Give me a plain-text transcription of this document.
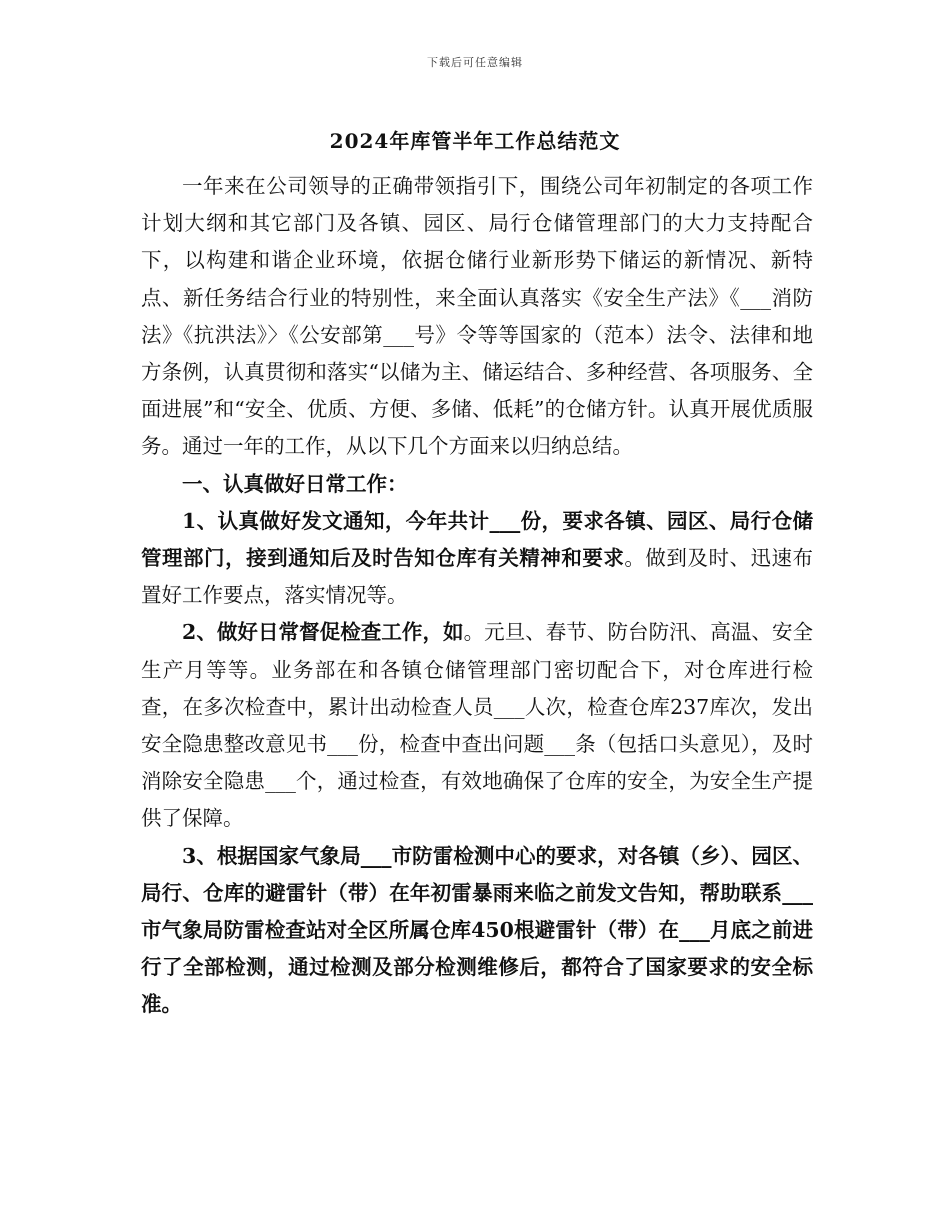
下载后可任意编辑
2024年库管半年工作总结范文

一年来在公司领导的正确带领指引下，围绕公司年初制定的各项工作计划大纲和其它部门及各镇、园区、局行仓储管理部门的大力支持配合下，以构建和谐企业环境，依据仓储行业新形势下储运的新情况、新特点、新任务结合行业的特别性，来全面认真落实《安全生产法》《___消防法》《抗洪法》〉《公安部第___号》令等等国家的（范本）法令、法律和地方条例，认真贯彻和落实“以储为主、储运结合、多种经营、各项服务、全面进展”和“安全、优质、方便、多储、低耗”的仓储方针。认真开展优质服务。通过一年的工作，从以下几个方面来以归纳总结。

一、认真做好日常工作：

1、认真做好发文通知，今年共计___份，要求各镇、园区、局行仓储管理部门，接到通知后及时告知仓库有关精神和要求。做到及时、迅速布置好工作要点，落实情况等。

2、做好日常督促检查工作，如。元旦、春节、防台防汛、高温、安全生产月等等。业务部在和各镇仓储管理部门密切配合下，对仓库进行检查，在多次检查中，累计出动检查人员___人次，检查仓库237库次，发出安全隐患整改意见书___份，检查中查出问题___条（包括口头意见），及时消除安全隐患___个，通过检查，有效地确保了仓库的安全，为安全生产提供了保障。

3、根据国家气象局___市防雷检测中心的要求，对各镇（乡）、园区、局行、仓库的避雷针（带）在年初雷暴雨来临之前发文告知，帮助联系___市气象局防雷检查站对全区所属仓库450根避雷针（带）在___月底之前进行了全部检测，通过检测及部分检测维修后，都符合了国家要求的安全标准。
